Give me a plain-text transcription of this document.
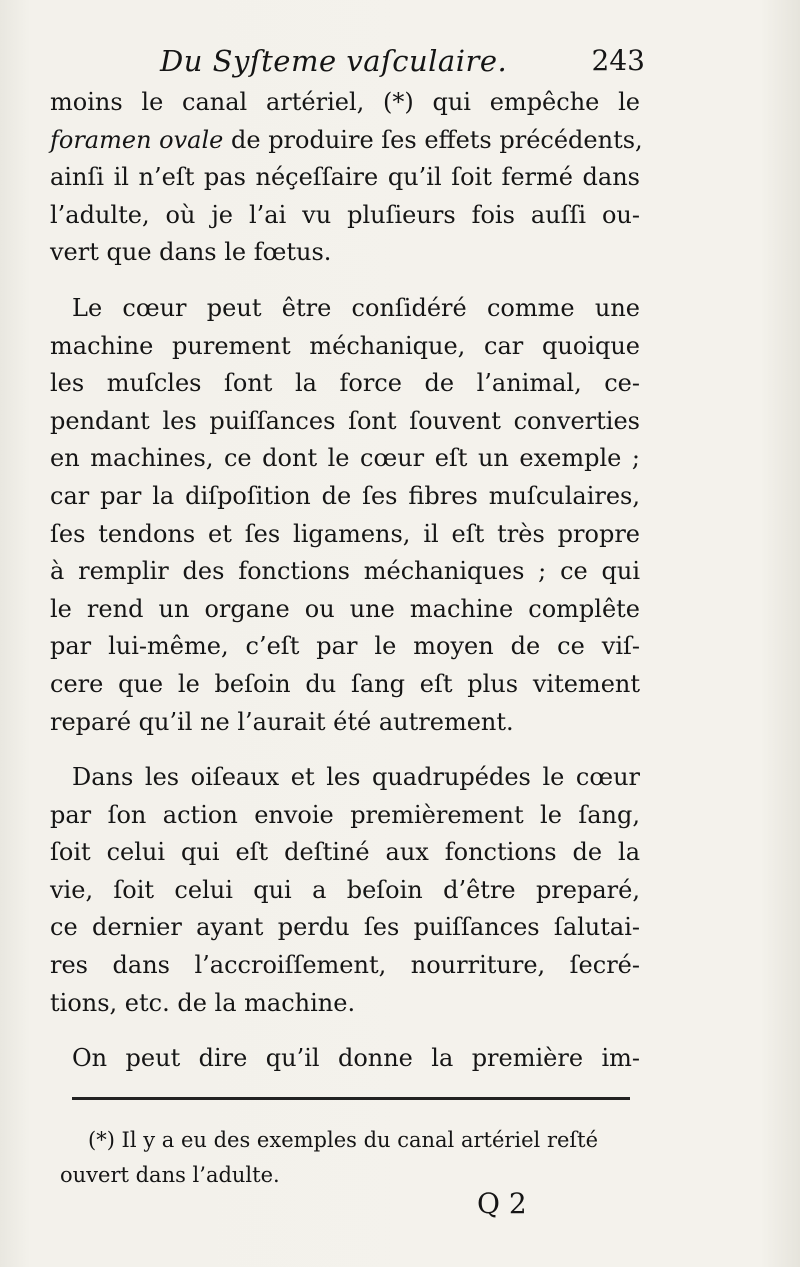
Du Syſteme vaſculaire.	243

moins le canal artériel, (*) qui empêche le
foramen ovale de produire ſes effets précédents,
ainſi il n’eſt pas néçeſſaire qu’il ſoit fermé dans
l’adulte, où je l’ai vu pluſieurs fois auſſi ou-
vert que dans le fœtus.

Le cœur peut être conſidéré comme une
machine purement méchanique, car quoique
les muſcles ſont la force de l’animal, ce-
pendant les puiſſances ſont ſouvent converties
en machines, ce dont le cœur eſt un exemple ;
car par la diſpoſition de ſes fibres muſculaires,
ſes tendons et ſes ligamens, il eſt très propre
à remplir des fonctions méchaniques ; ce qui
le rend un organe ou une machine complête
par lui-même, c’eſt par le moyen de ce viſ-
cere que le beſoin du ſang eſt plus vitement
reparé qu’il ne l’aurait été autrement.

Dans les oiſeaux et les quadrupédes le cœur
par ſon action envoie premièrement le ſang,
ſoit celui qui eſt deſtiné aux fonctions de la
vie, ſoit celui qui a beſoin d’être preparé,
ce dernier ayant perdu ſes puiſſances ſalutai-
res dans l’accroiſſement, nourriture, ſecré-
tions, etc. de la machine.

On peut dire qu’il donne la première im-

(*) Il y a eu des exemples du canal artériel reſté
ouvert dans l’adulte.
Q 2
